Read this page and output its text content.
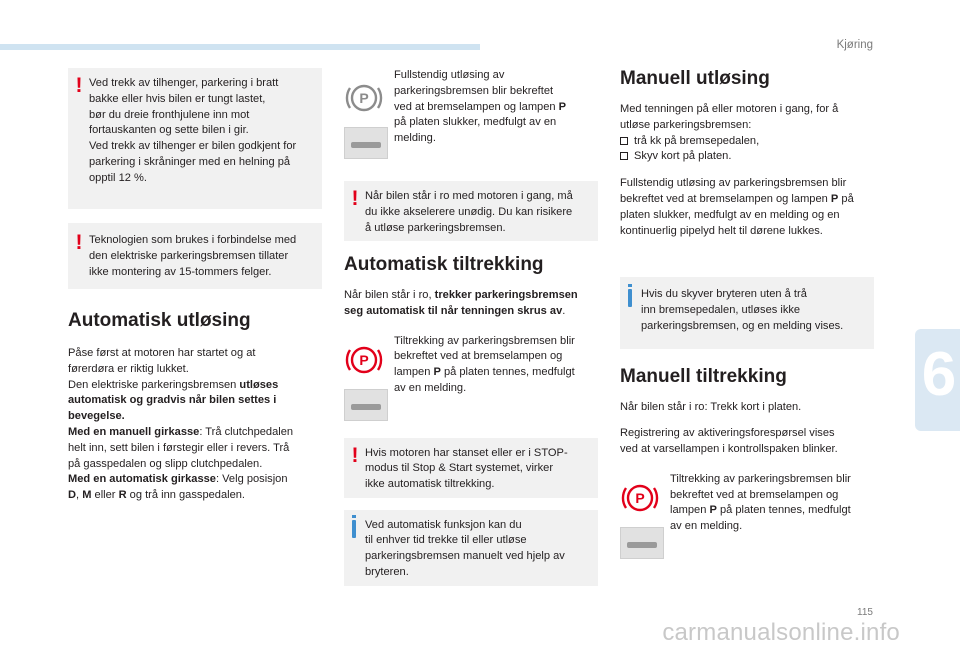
Kjøring
6
115
carmanualsonline.info
! Ved trekk av tilhenger, parkering i bratt

bakke eller hvis bilen er tungt lastet,

bør du dreie fronthjulene inn mot

fortauskanten og sette bilen i gir.

Ved trekk av tilhenger er bilen godkjent for

parkering i skråninger med en helning på

opptil 12 %.

! Teknologien som brukes i forbindelse med

den elektriske parkeringsbremsen tillater

ikke montering av 15-tommers felger.

Automatisk utløsing

Påse først at motoren har startet og at

førerdøra er riktig lukket.

Den elektriske parkeringsbremsen utløses

automatisk og gradvis når bilen settes i

bevegelse.

Med en manuell girkasse: Trå clutchpedalen

helt inn, sett bilen i førstegir eller i revers. Trå

på gasspedalen og slipp clutchpedalen.

Med en automatisk girkasse: Velg posisjon

D, M eller R og trå inn gasspedalen.

P

Fullstendig utløsing av

parkeringsbremsen blir bekreftet

ved at bremselampen og lampen P

på platen slukker, medfulgt av en

melding.

! Når bilen står i ro med motoren i gang, må

du ikke akselerere unødig. Du kan risikere

å utløse parkeringsbremsen.

Automatisk tiltrekking

Når bilen står i ro, trekker parkeringsbremsen

seg automatisk til når tenningen skrus av.

P

Tiltrekking av parkeringsbremsen blir

bekreftet ved at bremselampen og

lampen P på platen tennes, medfulgt

av en melding.

! Hvis motoren har stanset eller er i STOP-

modus til Stop & Start systemet, virker

ikke automatisk tiltrekking.

Ved automatisk funksjon kan du

til enhver tid trekke til eller utløse

parkeringsbremsen manuelt ved hjelp av

bryteren.

Manuell utløsing

Med tenningen på eller motoren i gang, for å

utløse parkeringsbremsen:

trå kk på bremsepedalen,

Skyv kort på platen.

Fullstendig utløsing av parkeringsbremsen blir

bekreftet ved at bremselampen og lampen P på

platen slukker, medfulgt av en melding og en

kontinuerlig pipelyd helt til dørene lukkes.

Hvis du skyver bryteren uten å trå

inn bremsepedalen, utløses ikke

parkeringsbremsen, og en melding vises.

Manuell tiltrekking

Når bilen står i ro: Trekk kort i platen.

Registrering av aktiveringsforespørsel vises

ved at varsellampen i kontrollspaken blinker.

P

Tiltrekking av parkeringsbremsen blir

bekreftet ved at bremselampen og

lampen P på platen tennes, medfulgt

av en melding.
